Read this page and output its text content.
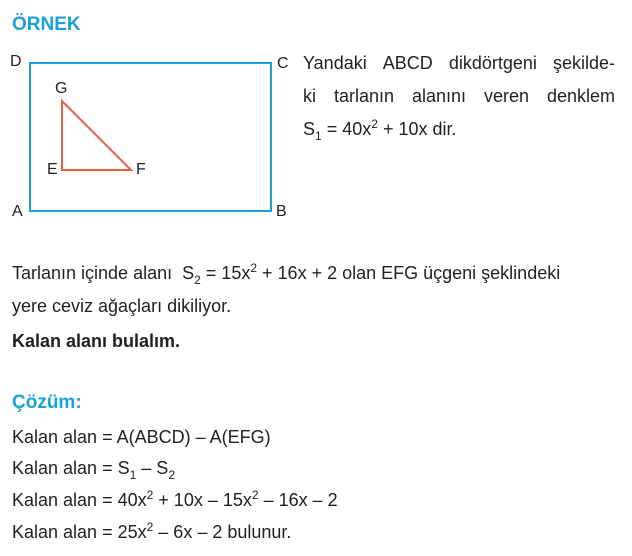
ÖRNEK
D	C
G
E	F
A	B
Yandaki ABCD dikdörtgeni şekilde-
ki tarlanın alanını veren denklem
$S_1 = 40x^2 + 10x$ dir.
Tarlanın içinde alanı  $S_2 = 15x^2 + 16x + 2$ olan EFG üçgeni şeklindeki
yere ceviz ağaçları dikiliyor.
Kalan alanı bulalım.
Çözüm:
Kalan alan = A(ABCD) – A(EFG)
Kalan alan = $S_1 - S_2$
Kalan alan = $40x^2 + 10x - 15x^2 - 16x - 2$
Kalan alan = $25x^2 - 6x - 2$ bulunur.
